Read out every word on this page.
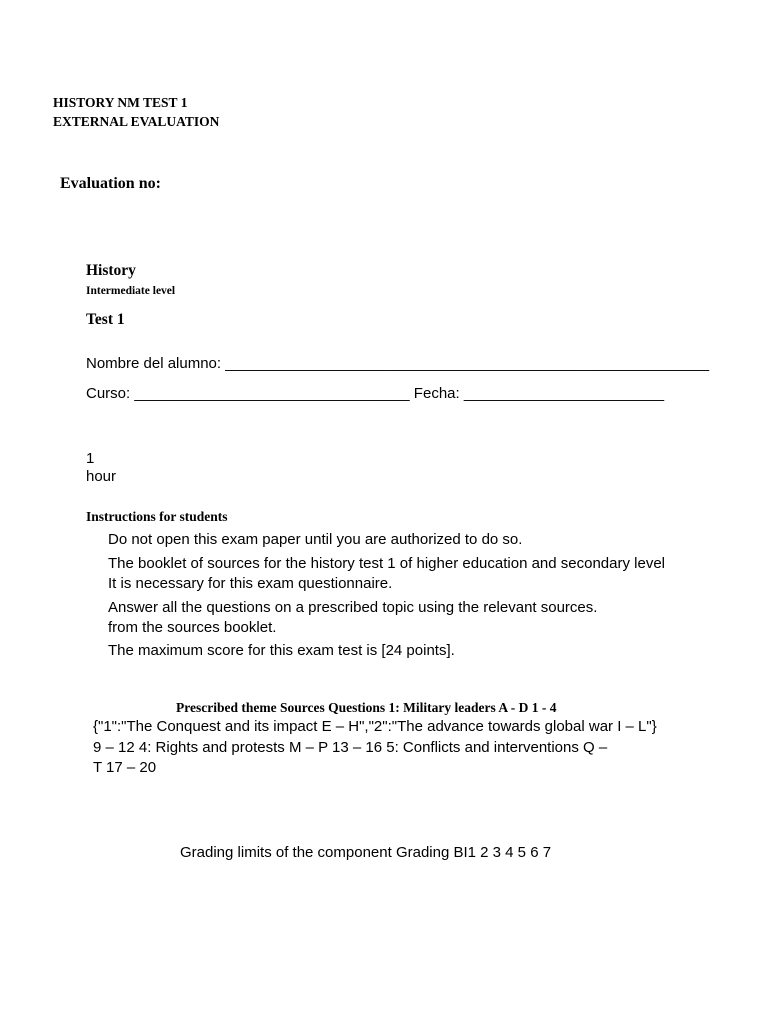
HISTORY NM TEST 1
EXTERNAL EVALUATION
Evaluation no:
History
Intermediate level
Test 1
Nombre del alumno: __________________________________________________________
Curso: _________________________________ Fecha: ________________________
1
hour
Instructions for students
Do not open this exam paper until you are authorized to do so.
The booklet of sources for the history test 1 of higher education and secondary level
It is necessary for this exam questionnaire.
Answer all the questions on a prescribed topic using the relevant sources.
from the sources booklet.
The maximum score for this exam test is [24 points].
Prescribed theme Sources Questions 1: Military leaders A - D 1 - 4
{"1":"The Conquest and its impact E – H","2":"The advance towards global war I – L"}
9 – 12 4: Rights and protests M – P 13 – 16 5: Conflicts and interventions Q –
T 17 – 20
Grading limits of the component Grading BI1 2 3 4 5 6 7
